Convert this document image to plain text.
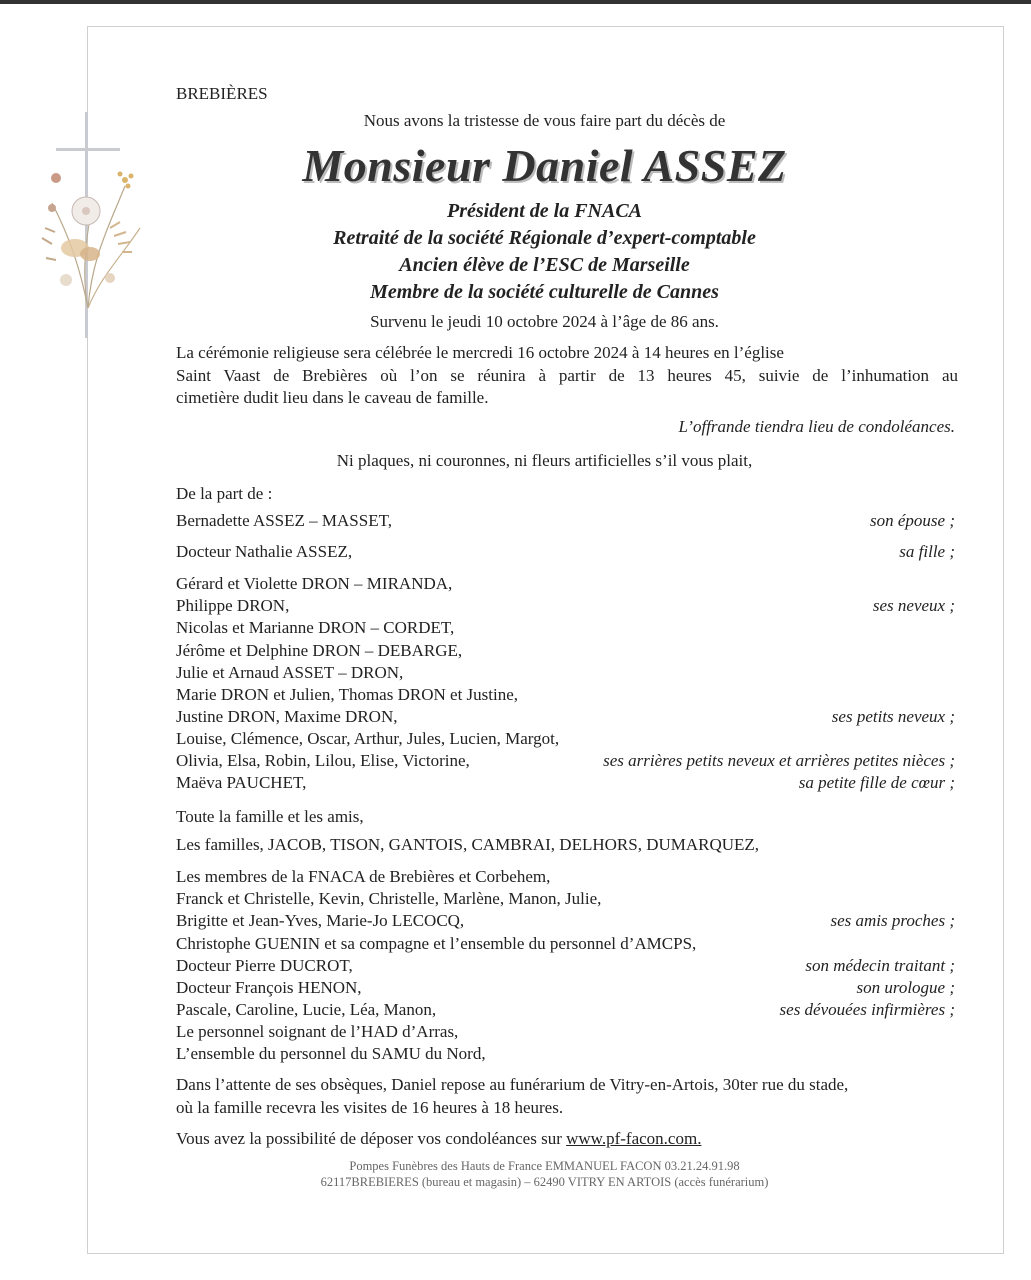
BREBIÈRES
Nous avons la tristesse de vous faire part du décès de
Monsieur Daniel ASSEZ
Président de la FNACA
Retraité de la société Régionale d’expert-comptable
Ancien élève de l’ESC de Marseille
Membre de la société culturelle de Cannes
Survenu le jeudi 10 octobre 2024 à l’âge de 86 ans.
La cérémonie religieuse sera célébrée le mercredi 16 octobre 2024 à 14 heures en l’église
Saint Vaast de Brebières où l’on se réunira à partir de 13 heures 45, suivie de l’inhumation au
cimetière dudit lieu dans le caveau de famille.
L’offrande tiendra lieu de condoléances.
Ni plaques, ni couronnes, ni fleurs artificielles s’il vous plait,
De la part de :
Bernadette ASSEZ – MASSET,	son épouse ;
Docteur Nathalie ASSEZ,	sa fille ;
Gérard et Violette DRON – MIRANDA,
Philippe DRON,	ses neveux ;
Nicolas et Marianne DRON – CORDET,
Jérôme et Delphine DRON – DEBARGE,
Julie et Arnaud ASSET – DRON,
Marie DRON et Julien, Thomas DRON et Justine,
Justine DRON, Maxime DRON,	ses petits neveux ;
Louise, Clémence, Oscar, Arthur, Jules, Lucien, Margot,
Olivia, Elsa, Robin, Lilou, Elise, Victorine,	ses arrières petits neveux et arrières petites nièces ;
Maëva PAUCHET,	sa petite fille de cœur ;
Toute la famille et les amis,
Les familles, JACOB, TISON, GANTOIS, CAMBRAI, DELHORS, DUMARQUEZ,
Les membres de la FNACA de Brebières et Corbehem,
Franck et Christelle, Kevin, Christelle, Marlène, Manon, Julie,
Brigitte et Jean-Yves, Marie-Jo LECOCQ,	ses amis proches ;
Christophe GUENIN et sa compagne et l’ensemble du personnel d’AMCPS,
Docteur Pierre DUCROT,	son médecin traitant ;
Docteur François HENON,	son urologue ;
Pascale, Caroline, Lucie, Léa, Manon,	ses dévouées infirmières ;
Le personnel soignant de l’HAD d’Arras,
L’ensemble du personnel du SAMU du Nord,
Dans l’attente de ses obsèques, Daniel repose au funérarium de Vitry-en-Artois, 30ter rue du stade,
où la famille recevra les visites de 16 heures à 18 heures.
Vous avez la possibilité de déposer vos condoléances sur www.pf-facon.com.
Pompes Funèbres des Hauts de France EMMANUEL FACON 03.21.24.91.98
62117BREBIERES (bureau et magasin) – 62490 VITRY EN ARTOIS (accès funérarium)
